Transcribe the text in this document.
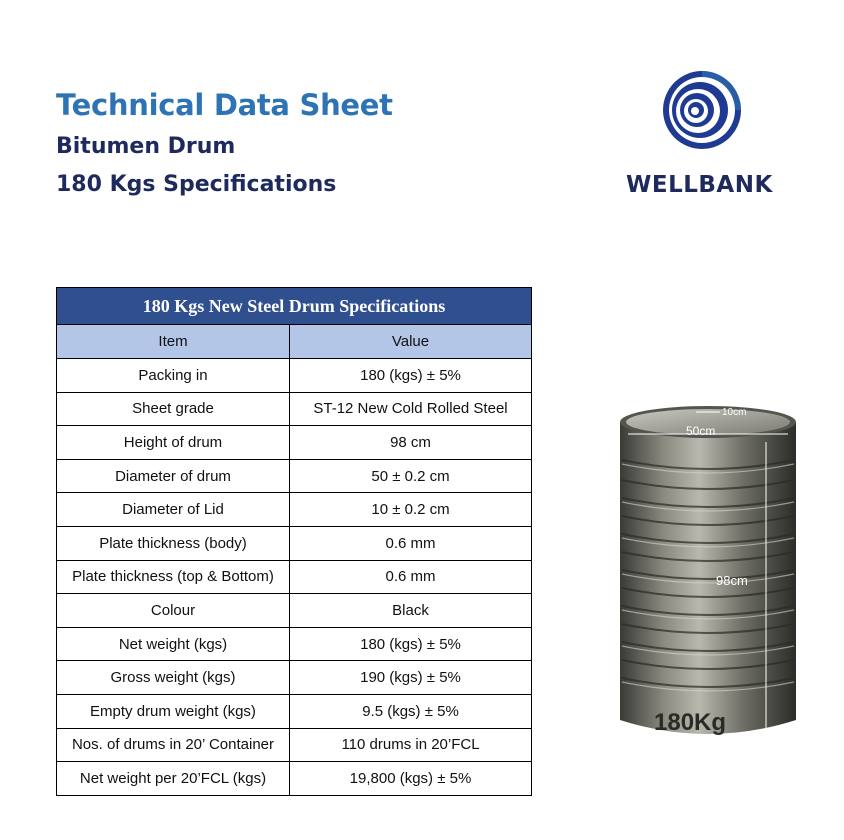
Technical Data Sheet
Bitumen Drum
180 Kgs Specifications	WELLBANK
180 Kgs New Steel Drum Specifications	
Item	Value
Packing in	180 (kgs) ± 5%
Sheet grade	ST-12 New Cold Rolled Steel
Height of drum	98 cm
Diameter of drum	50 ± 0.2 cm
Diameter of Lid	10 ± 0.2 cm
Plate thickness (body)	0.6 mm
Plate thickness (top & Bottom)	0.6 mm
Colour	Black
Net weight (kgs)	180 (kgs) ± 5%
Gross weight (kgs)	190 (kgs) ± 5%
Empty drum weight (kgs)	9.5 (kgs) ± 5%
Nos. of drums in 20’ Container	110 drums in 20’FCL
Net weight per 20’FCL (kgs)	19,800 (kgs) ± 5%
10cm
50cm
98cm
180Kg
